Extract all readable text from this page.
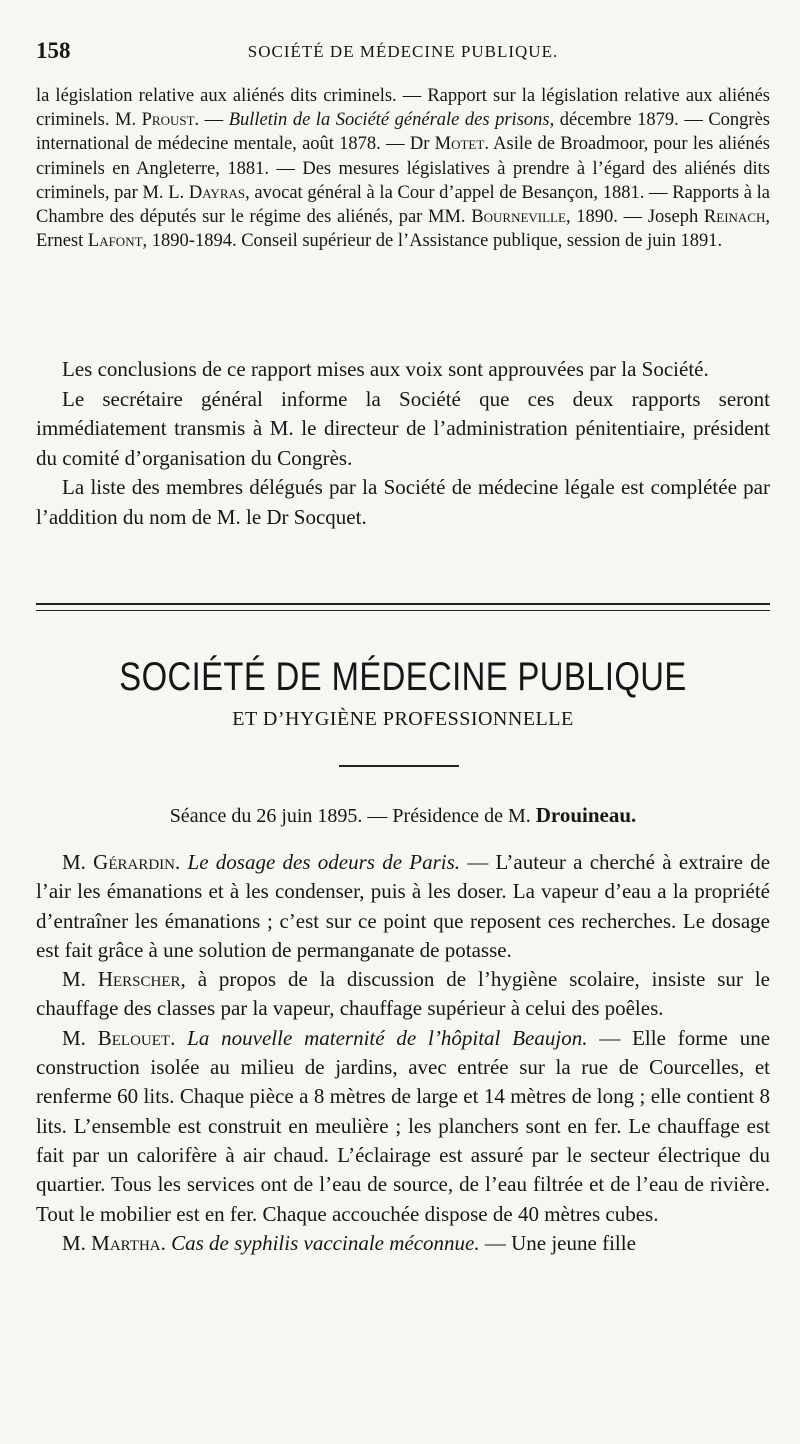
158	SOCIÉTÉ DE MÉDECINE PUBLIQUE.

la législation relative aux aliénés dits criminels. — Rapport sur la législation relative aux aliénés criminels. M. Proust. — Bulletin de la Société générale des prisons, décembre 1879. — Congrès international de médecine mentale, août 1878. — Dr Motet. Asile de Broadmoor, pour les aliénés criminels en Angleterre, 1881. — Des mesures législatives à prendre à l’égard des aliénés dits criminels, par M. L. Dayras, avocat général à la Cour d’appel de Besançon, 1881. — Rapports à la Chambre des députés sur le régime des aliénés, par MM. Bourneville, 1890. — Joseph Reinach, Ernest Lafont, 1890-1894. Conseil supérieur de l’Assistance publique, session de juin 1891.

Les conclusions de ce rapport mises aux voix sont approuvées par la Société.

Le secrétaire général informe la Société que ces deux rapports seront immédiatement transmis à M. le directeur de l’administration pénitentiaire, président du comité d’organisation du Congrès.

La liste des membres délégués par la Société de médecine légale est complétée par l’addition du nom de M. le Dr Socquet.

SOCIÉTÉ DE MÉDECINE PUBLIQUE
ET D’HYGIÈNE PROFESSIONNELLE
Séance du 26 juin 1895. — Présidence de M. Drouineau.

M. Gérardin. Le dosage des odeurs de Paris. — L’auteur a cherché à extraire de l’air les émanations et à les condenser, puis à les doser. La vapeur d’eau a la propriété d’entraîner les émanations ; c’est sur ce point que reposent ces recherches. Le dosage est fait grâce à une solution de permanganate de potasse.

M. Herscher, à propos de la discussion de l’hygiène scolaire, insiste sur le chauffage des classes par la vapeur, chauffage supérieur à celui des poêles.

M. Belouet. La nouvelle maternité de l’hôpital Beaujon. — Elle forme une construction isolée au milieu de jardins, avec entrée sur la rue de Courcelles, et renferme 60 lits. Chaque pièce a 8 mètres de large et 14 mètres de long ; elle contient 8 lits. L’ensemble est construit en meulière ; les planchers sont en fer. Le chauffage est fait par un calorifère à air chaud. L’éclairage est assuré par le secteur électrique du quartier. Tous les services ont de l’eau de source, de l’eau filtrée et de l’eau de rivière. Tout le mobilier est en fer. Chaque accouchée dispose de 40 mètres cubes.

M. Martha. Cas de syphilis vaccinale méconnue. — Une jeune fille
